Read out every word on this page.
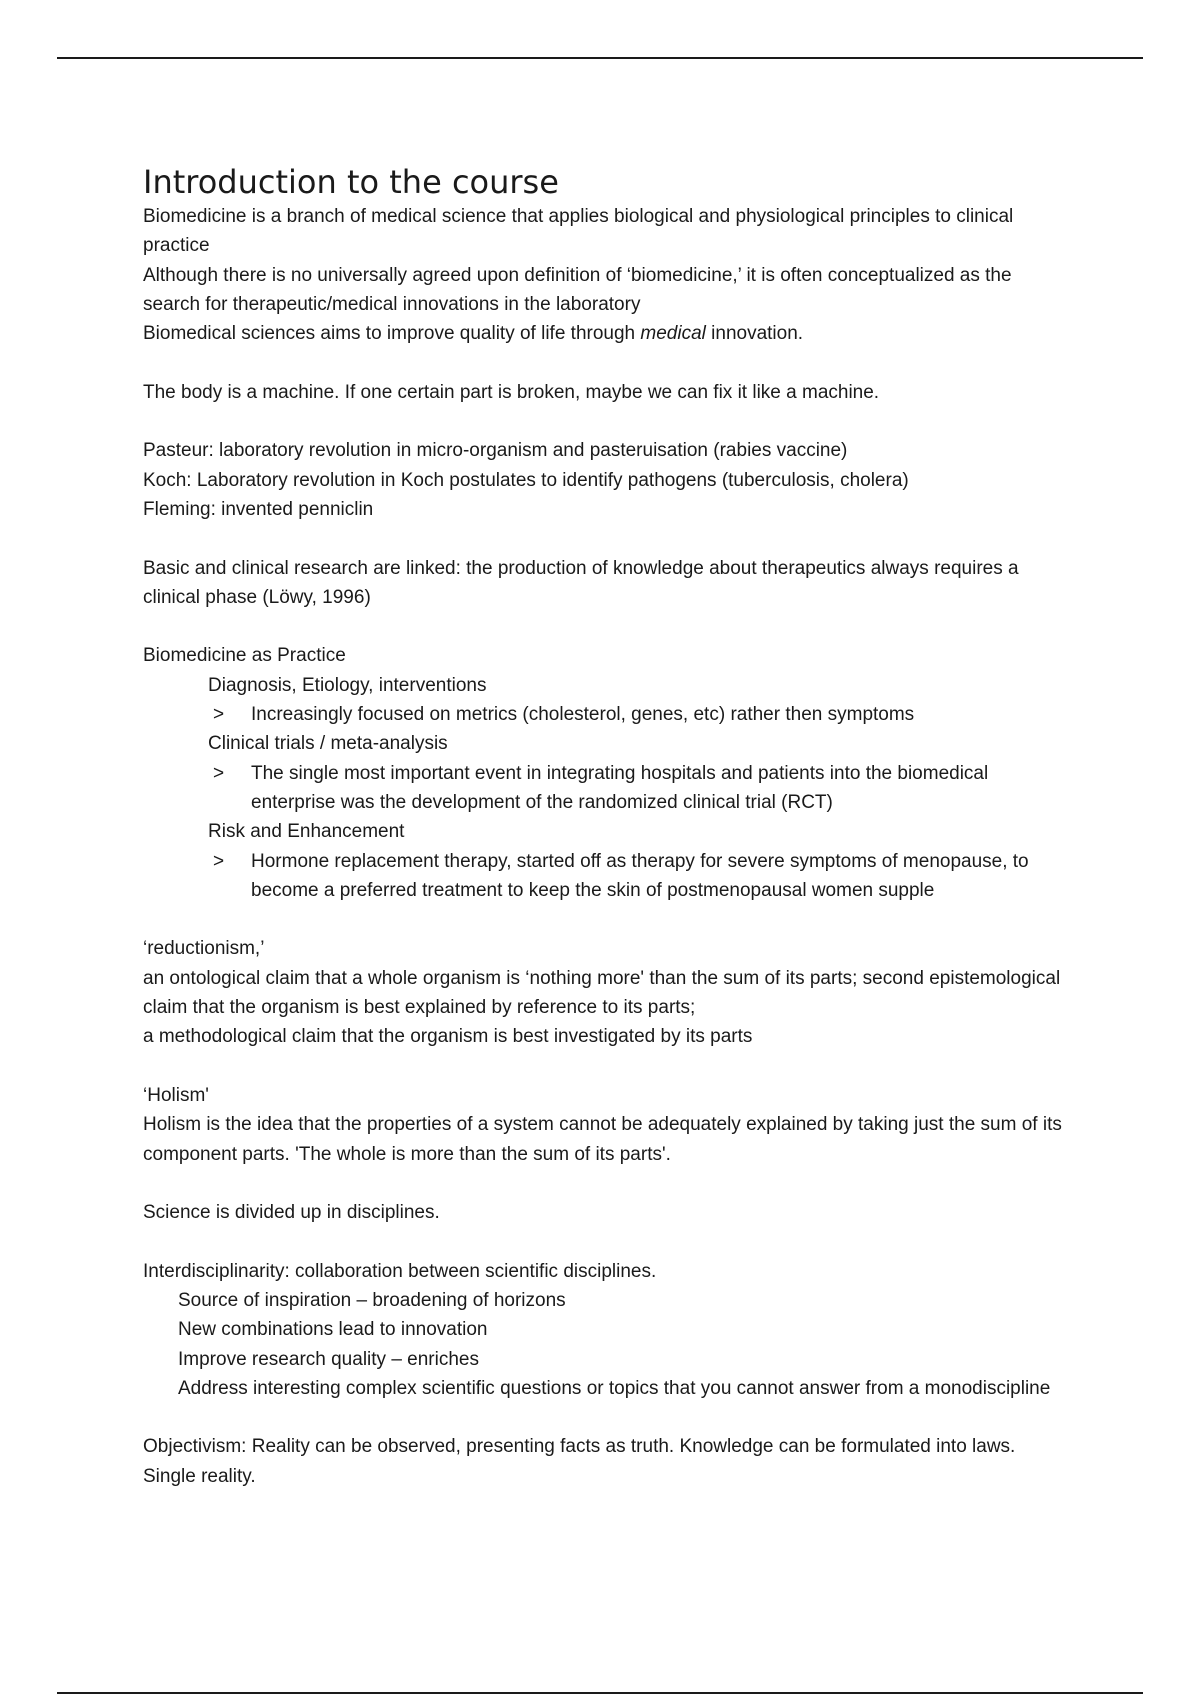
Introduction to the course

Biomedicine is a branch of medical science that applies biological and physiological principles to clinical practice

Although there is no universally agreed upon definition of ‘biomedicine,’ it is often conceptualized as the search for therapeutic/medical innovations in the laboratory

Biomedical sciences aims to improve quality of life through medical innovation.

The body is a machine. If one certain part is broken, maybe we can fix it like a machine.

Pasteur: laboratory revolution in micro-organism and pasteruisation (rabies vaccine)

Koch: Laboratory revolution in Koch postulates to identify pathogens (tuberculosis, cholera)

Fleming: invented penniclin

Basic and clinical research are linked: the production of knowledge about therapeutics always requires a clinical phase (Löwy, 1996)

Biomedicine as Practice

Diagnosis, Etiology, interventions

>	Increasingly focused on metrics (cholesterol, genes, etc) rather then symptoms

Clinical trials / meta-analysis

>	The single most important event in integrating hospitals and patients into the biomedical enterprise was the development of the randomized clinical trial (RCT)

Risk and Enhancement

>	Hormone replacement therapy, started off as therapy for severe symptoms of menopause, to become a preferred treatment to keep the skin of postmenopausal women supple

‘reductionism,’

an ontological claim that a whole organism is ‘nothing more' than the sum of its parts; second epistemological claim that the organism is best explained by reference to its parts;

a methodological claim that the organism is best investigated by its parts

‘Holism'

Holism is the idea that the properties of a system cannot be adequately explained by taking just the sum of its component parts. 'The whole is more than the sum of its parts'.

Science is divided up in disciplines.

Interdisciplinarity: collaboration between scientific disciplines.

Source of inspiration – broadening of horizons

New combinations lead to innovation

Improve research quality – enriches

Address interesting complex scientific questions or topics that you cannot answer from a monodiscipline

Objectivism: Reality can be observed, presenting facts as truth. Knowledge can be formulated into laws. Single reality.
